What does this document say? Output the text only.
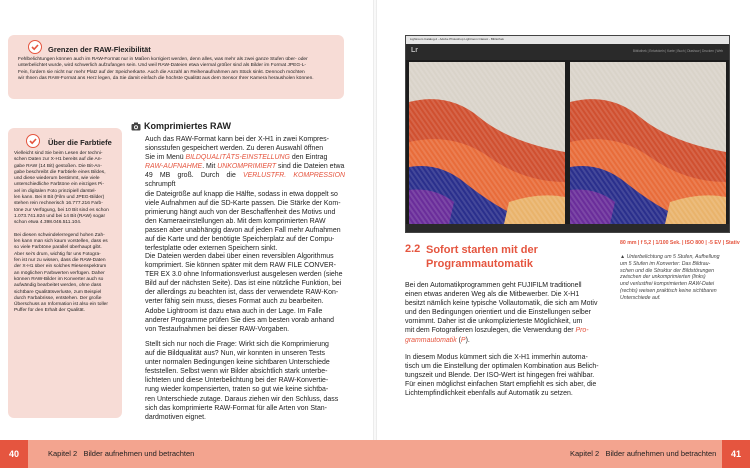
Grenzen der RAW-Flexibilität
Fehlbelichtungen können auch im RAW-Format nur in Maßen korrigiert werden, denn alles, was mehr als zwei ganze Stufen über- oder
unterbelichtet wurde, wird schwerlich aufzufangen sein. Und weil RAW-Dateien etwa viermal größer sind als Bilder im Format JPEG-L-
Fein, fordern sie nicht nur mehr Platz auf der Speicherkarte. Auch die Anzahl an Reihenaufnahmen am Stück sinkt. Dennoch möchten
wir Ihnen das RAW-Format ans Herz legen, da Sie damit einfach die höchste Qualität aus dem Sensor Ihrer Kamera herausholen können.
Über die Farbtiefe
Vielleicht sind Sie beim Lesen der techni-
schen Daten zur X-H1 bereits auf die An-
gabe RAW (14 Bit) gestoßen. Die Bit-An-
gabe beschreibt die Farbtiefe eines Bildes,
und diese wiederum bestimmt, wie viele
unterschiedliche Farbtöne ein einziges Pi-
xel im digitalen Foto prinzipiell darstel-
len kann. Bei 8 Bit (Film und JPEG-Bilder)
stehen rein rechnerisch 16.777.216 Farb-
töne zur Verfügung, bei 10 Bit sind es schon
1.073.741.824 und bei 14 Bit (RAW) sogar
schon etwa 4.398.046.511.104.

Bei diesen schwindelerregend hohen Zah-
len kann man sich kaum vorstellen, dass es
so viele Farbtöne parallel überhaupt gibt.
Aber sei's drum, wichtig für uns Fotogra-
fen ist nur zu wissen, dass die RAW-Daten
der X-H1 über ein solches Riesenspektrum
an möglichen Farbwerten verfügen. Daher
können RAW-Bilder im Konverter auch so
aufwändig bearbeitet werden, ohne dass
sichtbare Qualitätsverluste, zum Beispiel
durch Farbabrisse, entstehen. Der große
Überschuss an Information ist also ein toller
Puffer für den Erhalt der Qualität.
Komprimiertes RAW
Auch das RAW-Format kann bei der X-H1 in zwei Kompres-
sionsstufen gespeichert werden. Zu deren Auswahl öffnen
Sie im Menü BILDQUALITÄTS-EINSTELLUNG den Eintrag
RAW-AUFNAHME. Mit UNKOMPRIMIERT sind die Dateien etwa
49 MB groß. Durch die VERLUSTFR. KOMPRESSION schrumpft
die Dateigröße auf knapp die Hälfte, sodass in etwa doppelt so
viele Aufnahmen auf die SD-Karte passen. Die Stärke der Kom-
primierung hängt auch von der Beschaffenheit des Motivs und
den Kameraeinstellungen ab. Mit dem komprimierten RAW
passen aber unabhängig davon auf jeden Fall mehr Aufnahmen
auf die Karte und der benötigte Speicherplatz auf der Compu-
terfestplatte oder externen Speichern sinkt.
Die Dateien werden dabei über einen reversiblen Algorithmus
komprimiert. Sie können später mit dem RAW FILE CONVER-
TER EX 3.0 ohne Informationsverlust ausgelesen werden (siehe
Bild auf der nächsten Seite). Das ist eine nützliche Funktion, bei
der allerdings zu beachten ist, dass der verwendete RAW-Kon-
verter fähig sein muss, dieses Format auch zu bearbeiten.
Adobe Lightroom ist dazu etwa auch in der Lage. Im Falle
anderer Programme prüfen Sie dies am besten vorab anhand
von Testaufnahmen bei dieser RAW-Vorgaben.
Stellt sich nur noch die Frage: Wirkt sich die Komprimierung
auf die Bildqualität aus? Nun, wir konnten in unseren Tests
unter normalen Bedingungen keine sichtbaren Unterschiede
feststellen. Selbst wenn wir Bilder absichtlich stark unterbe-
lichteten und diese Unterbelichtung bei der RAW-Konvertie-
rung wieder kompensierten, traten so gut wie keine sichtba-
ren Unterschiede zutage. Daraus ziehen wir den Schluss, dass
sich das komprimierte RAW-Format für alle Arten von Stan-
dardmotiven eignet.
40	Kapitel 2   Bilder aufnehmen und betrachten
Lightroom Catalog-2 - Adobe Photoshop Lightroom Classic - Bibliothek
Lr	Bibliothek | Entwickeln | Karte | Buch | Diashow | Drucken | Web
80 mm | f 5,2 | 1/100 Sek. | ISO 800 | -5 EV | Stativ
▲ Unterbelichtung um 5 Stufen, Aufhellung
um 5 Stufen im Konverter: Das Bildrau-
schen und die Struktur der Bildstörungen
zwischen der unkomprimierten (links)
und verlustfrei komprimierten RAW-Datei
(rechts) weisen praktisch keine sichtbaren
Unterschiede auf.
2.2 Sofort starten mit der
Programmautomatik
Bei den Automatikprogrammen geht FUJIFILM traditionell
einen etwas anderen Weg als die Mitbewerber. Die X-H1
besitzt nämlich keine typische Vollautomatik, die sich am Motiv
und den Bedingungen orientiert und die Einstellungen selber
vornimmt. Daher ist die unkomplizierteste Möglichkeit, um
mit dem Fotografieren loszulegen, die Verwendung der Pro-
grammautomatik (P).
In diesem Modus kümmert sich die X-H1 immerhin automa-
tisch um die Einstellung der optimalen Kombination aus Belich-
tungszeit und Blende. Der ISO-Wert ist hingegen frei wählbar.
Für einen möglichst einfachen Start empfiehlt es sich aber, die
Lichtempfindlichkeit ebenfalls auf Automatik zu setzen.
41
Kapitel 2   Bilder aufnehmen und betrachten
